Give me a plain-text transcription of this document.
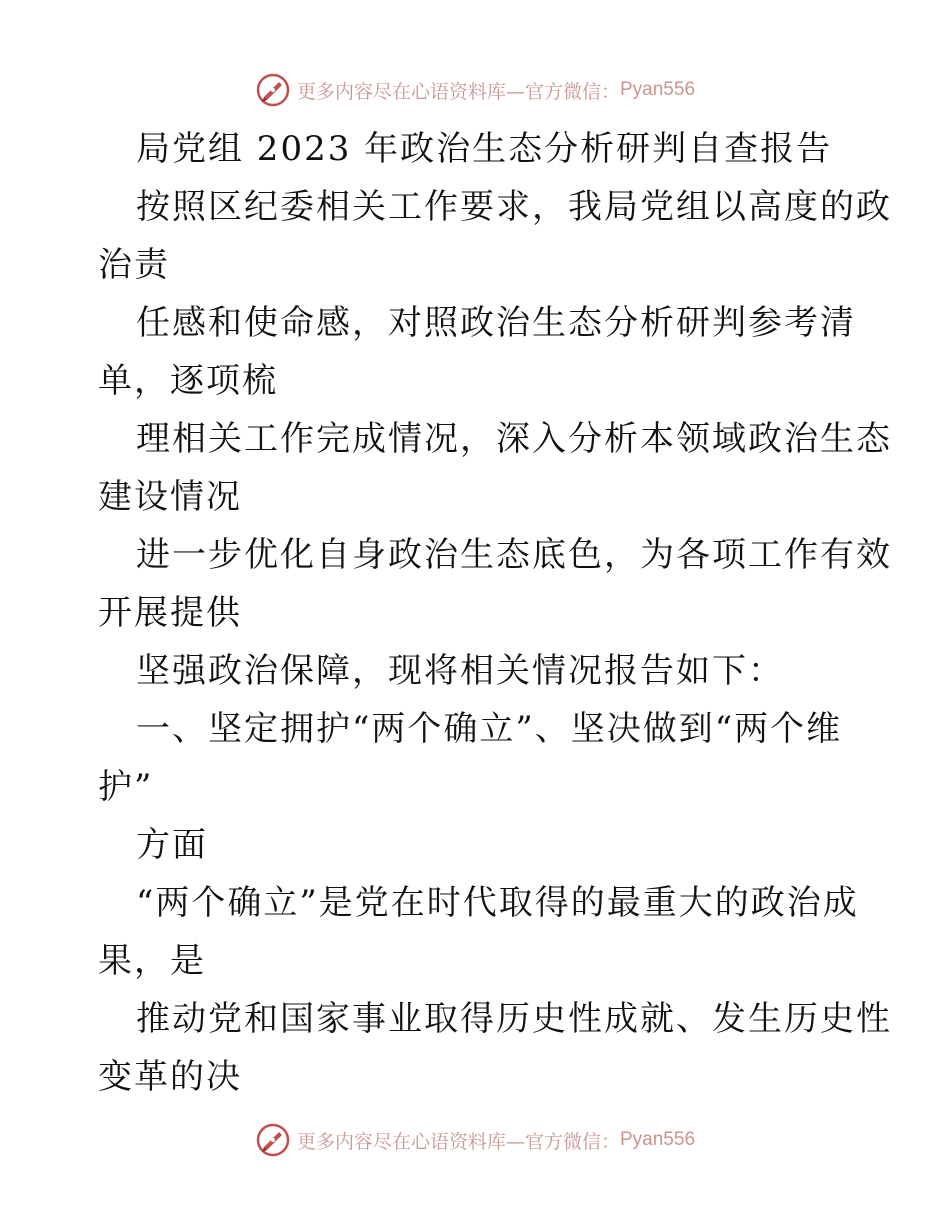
更多内容尽在心语资料库—官方微信： Pyan556
局党组 2023 年政治生态分析研判自查报告
按照区纪委相关工作要求，我局党组以高度的政
治责
任感和使命感，对照政治生态分析研判参考清
单，逐项梳
理相关工作完成情况，深入分析本领域政治生态
建设情况
进一步优化自身政治生态底色，为各项工作有效
开展提供
坚强政治保障，现将相关情况报告如下：
一、坚定拥护“两个确立”、坚决做到“两个维
护”
方面
“两个确立”是党在时代取得的最重大的政治成
果，是
推动党和国家事业取得历史性成就、发生历史性
变革的决
更多内容尽在心语资料库—官方微信： Pyan556
